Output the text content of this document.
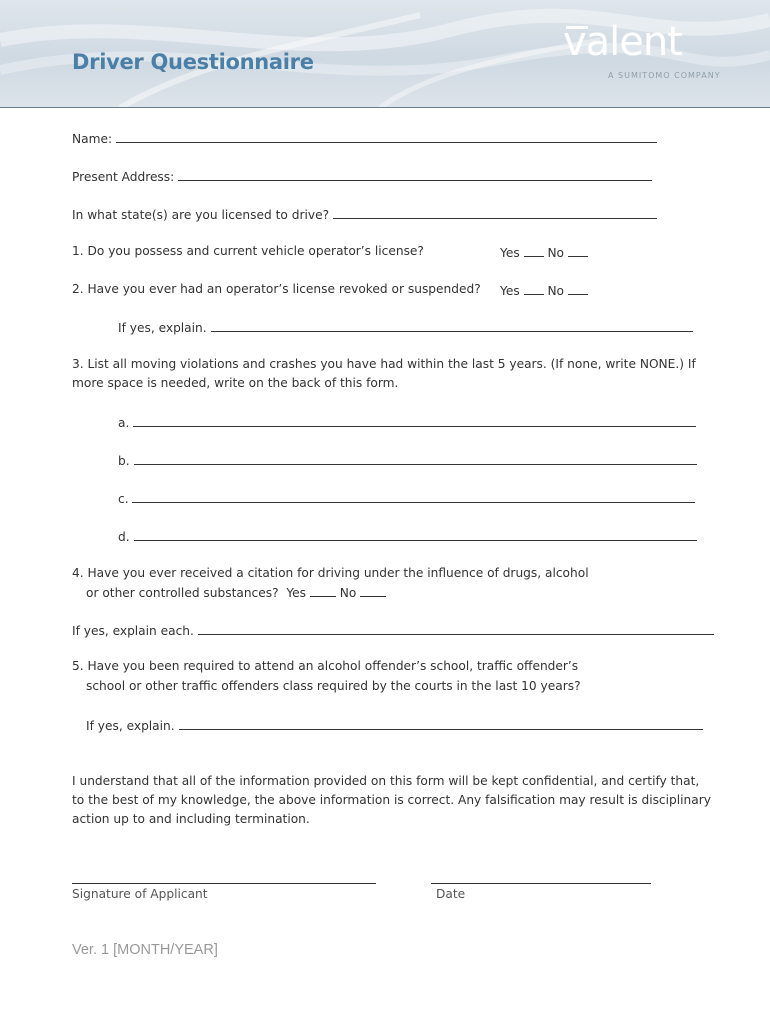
Driver Questionnaire	valent
A SUMITOMO COMPANY
Name:
Present Address:
In what state(s) are you licensed to drive?
1. Do you possess and current vehicle operator’s license?	Yes No
2. Have you ever had an operator’s license revoked or suspended? Yes No
If yes, explain.
3. List all moving violations and crashes you have had within the last 5 years. (If none, write NONE.) If
more space is needed, write on the back of this form.
a.
b.
c.
d.
4. Have you ever received a citation for driving under the influence of drugs, alcohol
or other controlled substances? Yes	No
If yes, explain each.
5. Have you been required to attend an alcohol offender’s school, traffic offender’s
school or other traffic offenders class required by the courts in the last 10 years?
If yes, explain.
I understand that all of the information provided on this form will be kept confidential, and certify that,
to the best of my knowledge, the above information is correct. Any falsification may result is disciplinary
action up to and including termination.
Signature of Applicant	Date
Ver. 1 [MONTH/YEAR]
